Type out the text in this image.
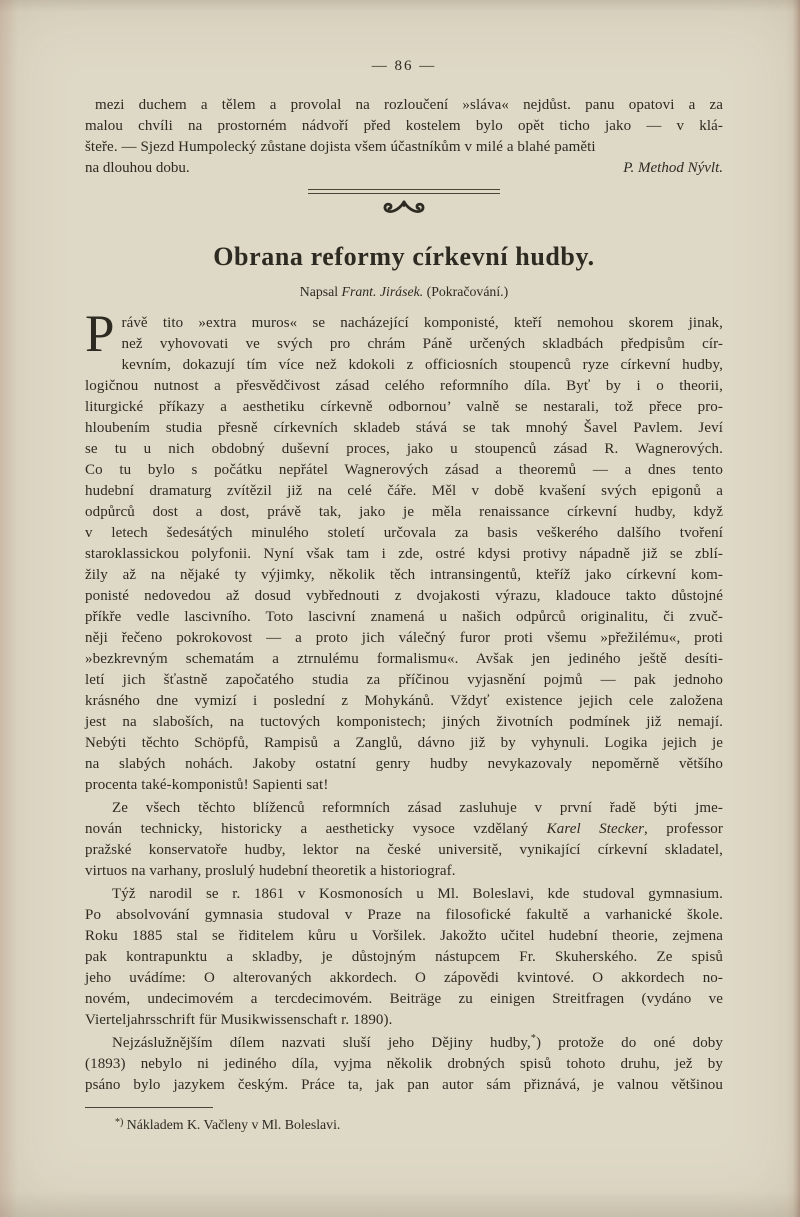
— 86 —
mezi duchem a tělem a provolal na rozloučení »sláva« nejdůst. panu opatovi a za
malou chvíli na prostorném nádvoří před kostelem bylo opět ticho jako — v klá-
šteře. — Sjezd Humpolecký zůstane dojista všem účastníkům v milé a blahé paměti
na dlouhou dobu.	P. Method Nývlt.
Obrana reformy církevní hudby.
Napsal Frant. Jirásek. (Pokračování.)
P rávě tito »extra muros« se nacházející komponisté, kteří nemohou skorem jinak,
než vyhovovati ve svých pro chrám Páně určených skladbách předpisům cír-
kevním, dokazují tím více než kdokoli z officiosních stoupenců ryze církevní hudby,
logičnou nutnost a přesvědčivost zásad celého reformního díla. Byť by i o theorii,
liturgické příkazy a aesthetiku církevně odbornou’ valně se nestarali, tož přece pro-
hloubením studia přesně církevních skladeb stává se tak mnohý Šavel Pavlem. Jeví
se tu u nich obdobný duševní proces, jako u stoupenců zásad R. Wagnerových.
Co tu bylo s počátku nepřátel Wagnerových zásad a theoremů — a dnes tento
hudební dramaturg zvítězil již na celé čáře. Měl v době kvašení svých epigonů a
odpůrců dost a dost, právě tak, jako je měla renaissance církevní hudby, když
v letech šedesátých minulého století určovala za basis veškerého dalšího tvoření
staroklassickou polyfonii. Nyní však tam i zde, ostré kdysi protivy nápadně již se zblí-
žily až na nějaké ty výjimky, několik těch intransingentů, kteříž jako církevní kom-
ponisté nedovedou až dosud vybřednouti z dvojakosti výrazu, kladouce takto důstojné
příkře vedle lascivního. Toto lascivní znamená u našich odpůrců originalitu, či zvuč-
něji řečeno pokrokovost — a proto jich válečný furor proti všemu »přežilému«, proti
»bezkrevným schematám a ztrnulému formalismu«. Avšak jen jediného ještě desíti-
letí jich šťastně započatého studia za příčinou vyjasnění pojmů — pak jednoho
krásného dne vymizí i poslední z Mohykánů. Vždyť existence jejich cele založena
jest na slaboších, na tuctových komponistech; jiných životních podmínek již nemají.
Nebýti těchto Schöpfů, Rampisů a Zanglů, dávno již by vyhynuli. Logika jejich je
na slabých nohách. Jakoby ostatní genry hudby nevykazovaly nepoměrně většího
procenta také-komponistů! Sapienti sat!
Ze všech těchto blíženců reformních zásad zasluhuje v první řadě býti jme-
nován technicky, historicky a aestheticky vysoce vzdělaný Karel Stecker, professor
pražské konservatoře hudby, lektor na české universitě, vynikající církevní skladatel,
virtuos na varhany, proslulý hudební theoretik a historiograf.
Týž narodil se r. 1861 v Kosmonosích u Ml. Boleslavi, kde studoval gymnasium.
Po absolvování gymnasia studoval v Praze na filosofické fakultě a varhanické škole.
Roku 1885 stal se řiditelem kůru u Voršilek. Jakožto učitel hudební theorie, zejmena
pak kontrapunktu a skladby, je důstojným nástupcem Fr. Skuherského. Ze spisů
jeho uvádíme: O alterovaných akkordech. O zápovědi kvintové. O akkordech no-
novém, undecimovém a tercdecimovém. Beiträge zu einigen Streitfragen (vydáno ve
Vierteljahrsschrift für Musikwissenschaft r. 1890).
Nejzáslužnějším dílem nazvati sluší jeho Dějiny hudby,*) protože do oné doby
(1893) nebylo ni jediného díla, vyjma několik drobných spisů tohoto druhu, jež by
psáno bylo jazykem českým. Práce ta, jak pan autor sám přiznává, je valnou většinou
*) Nákladem K. Vačleny v Ml. Boleslavi.
